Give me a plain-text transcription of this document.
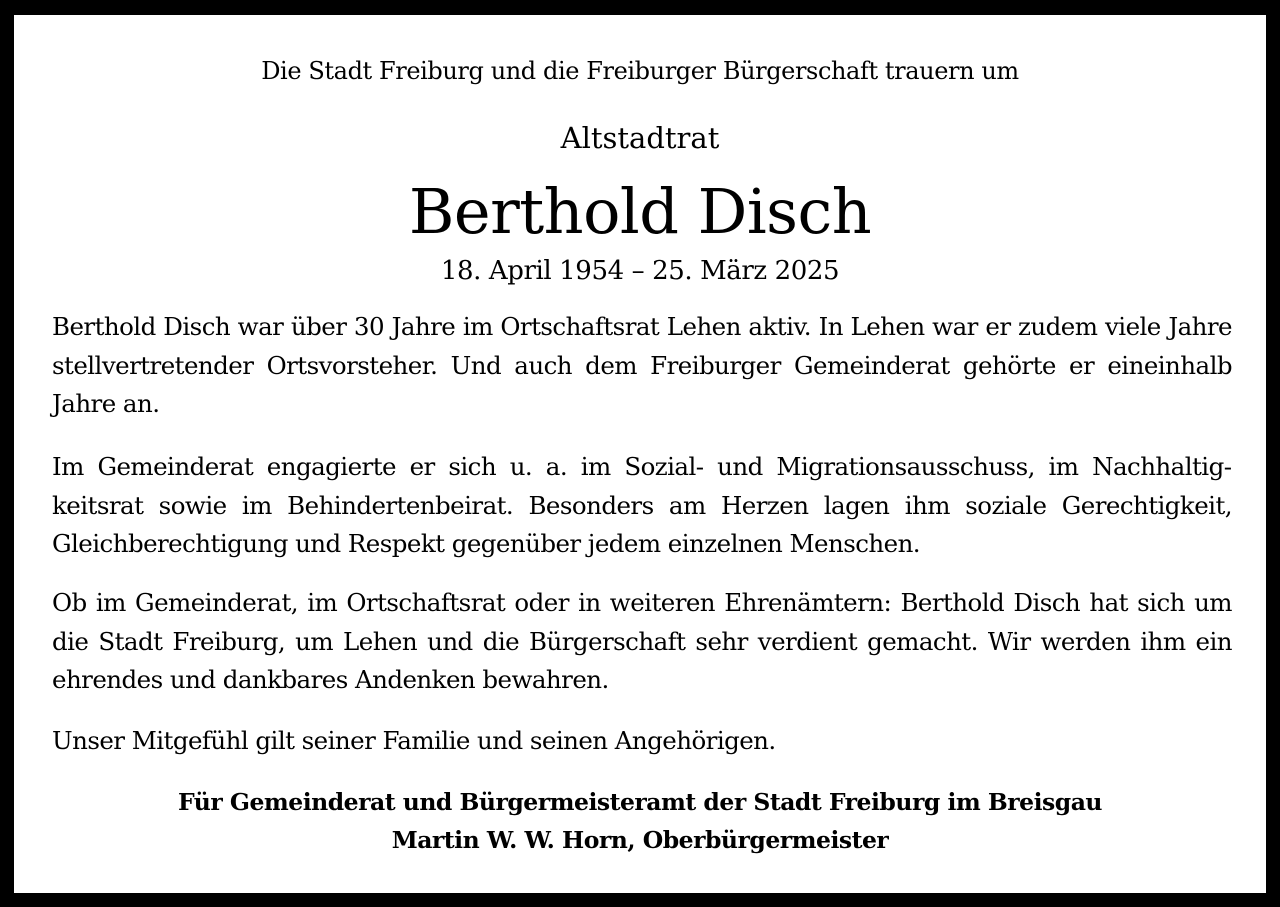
Die Stadt Freiburg und die Freiburger Bürgerschaft trauern um
Altstadtrat
Berthold Disch
18. April 1954 – 25. März 2025

Berthold Disch war über 30 Jahre im Ortschaftsrat Lehen aktiv. In Lehen war er zudem viele Jahre stellvertretender Ortsvorsteher. Und auch dem Freiburger Gemeinderat gehörte er eineinhalb Jahre an.

Im Gemeinderat engagierte er sich u. a. im Sozial- und Migrationsausschuss, im Nachhaltigkeitsrat sowie im Behindertenbeirat. Besonders am Herzen lagen ihm soziale Gerechtigkeit, Gleichberechtigung und Respekt gegenüber jedem einzelnen Menschen.

Ob im Gemeinderat, im Ortschaftsrat oder in weiteren Ehrenämtern: Berthold Disch hat sich um die Stadt Freiburg, um Lehen und die Bürgerschaft sehr verdient gemacht. Wir werden ihm ein ehrendes und dankbares Andenken bewahren.

Unser Mitgefühl gilt seiner Familie und seinen Angehörigen.

Für Gemeinderat und Bürgermeisteramt der Stadt Freiburg im Breisgau
Martin W. W. Horn, Oberbürgermeister
